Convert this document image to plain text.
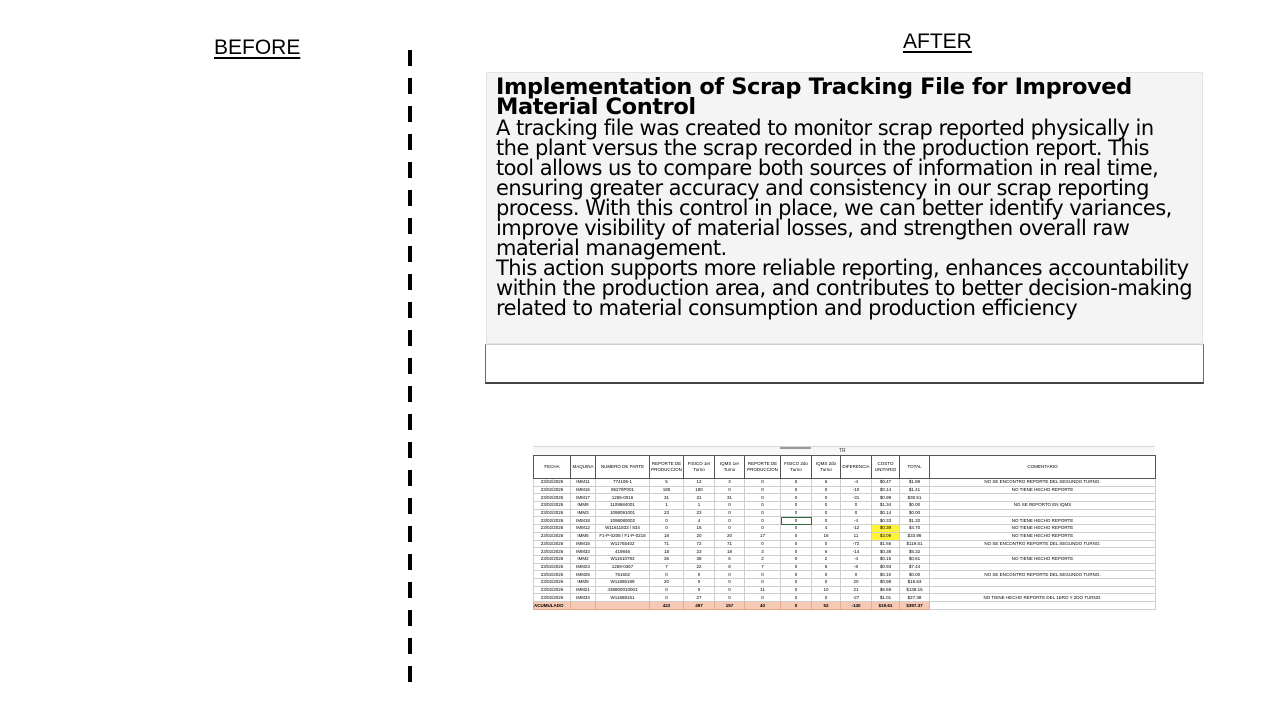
BEFORE	AFTER
Implementation of Scrap Tracking File for Improved Material Control

A tracking file was created to monitor scrap reported physically in the plant versus the scrap recorded in the production report. This tool allows us to compare both sources of information in real time, ensuring greater accuracy and consistency in our scrap reporting process. With this control in place, we can better identify variances, improve visibility of material losses, and strengthen overall raw material management.

This action supports more reliable reporting, enhances accountability within the production area, and contributes to better decision-making related to material consumption and production efficiency

TR
FECHA	MAQUINA	NUMERO DE PARTE	REPORTE DE PRODUCCION	FISICO 1er Turno	IQMS 1er Turno	REPORTE DE PRODUCCION	FISICO 2do Turno	IQMS 2do Turno	DIFERENCIA	COSTO UNITARIO	TOTAL	COMENTARIO
23/02/2026	IMM11	774195-1	5	12	3	0	0	6	-4	$0.47	$1.89	NO SE ENCONTRO REPORTE DEL SEGUNDO TURNO.
23/02/2026	IMM16	95278P001	180	190	0	0	0	0	-10	$0.14	$1.41	NO TIENE HECHO REPORTE
23/02/2026	IMM17	1265-0016	31	31	31	0	0	0	-31	$0.99	$30.51	
23/02/2026	IMM8	1109684001	1	1	0	0	0	0	0	$1.34	$0.00	NO SE REPORTO EN IQMS
23/02/2026	IMM3	1098091001	23	23	0	0	0	0	0	$0.14	$0.00	
23/02/2026	IMM18	1098080002	0	4	0	0	0	0	-4	$0.33	$1.32	NO TIENE HECHO REPORTE
23/02/2026	IMM12	W11611833 / 834	0	16	0	0	0	4	-12	$0.39	$4.70	NO TIENE HECHO REPORTE
23/02/2026	IMM5	F1-P-0208 / F1-P-0218	18	20	20	17	0	16	11	$3.09	$33.98	NO TIENE HECHO REPORTE
23/02/2026	IMM15	W11765402	71	72	71	0	0	0	-72	$1.66	$119.51	NO SE ENCONTRO REPORTE DEL SEGUNDO TURNO.
23/02/2026	IMM33	419846	18	23	18	3	0	6	-14	$0.38	$5.32	
23/02/2026	IMM2	W11610783	36	38	6	2	0	2	-4	$0.15	$0.61	NO TIENE HECHO REPORTE
23/02/2026	IMM23	1269-0367	7	22	8	7	0	8	-8	$0.93	$7.44	
23/02/2026	IMM25	761602	0	0	0	0	0	0	0	$0.10	$0.00	NO SE ENCONTRO REPORTE DEL SEGUNDO TURNO.
23/02/2026	IMM9	W11886189	20	0	0	0	0	0	20	$0.98	$19.63	
23/02/2026	IMM21	438800010001	0	0	0	11	0	10	21	$6.59	$138.15	
23/02/2026	IMM34	W11688151	0	27	0	0	0	0	-27	$1.01	$27.38	NO TIENE HECHO REPORTE DEL 1ERO Y 2DO TURNO.
ACUMULADO			422	497	157	40	0	52	-140	$19.61	$397.37	
